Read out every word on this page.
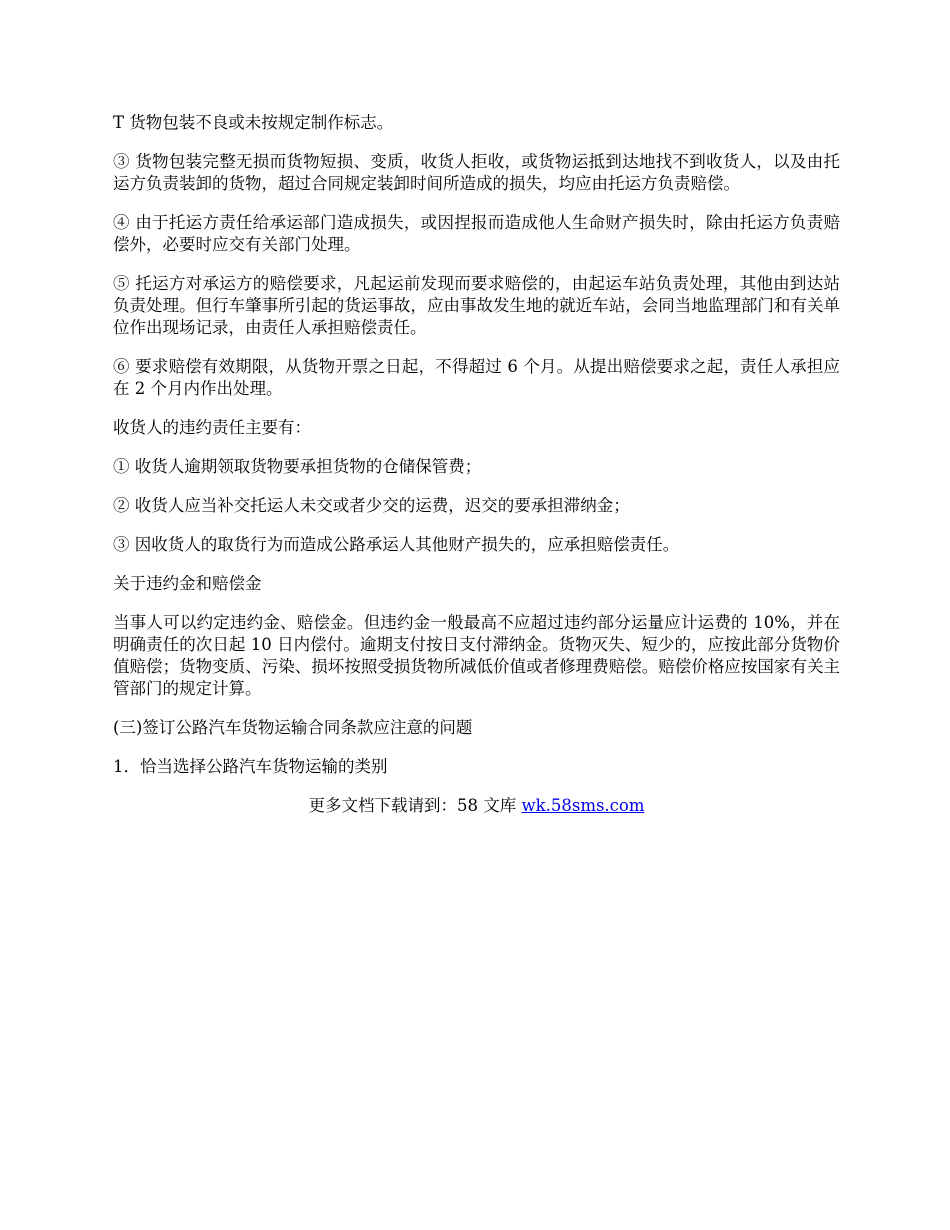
T 货物包装不良或未按规定制作标志。

③ 货物包装完整无损而货物短损、变质，收货人拒收，或货物运抵到达地找不到收货人，以及由托运方负责装卸的货物，超过合同规定装卸时间所造成的损失，均应由托运方负责赔偿。

④ 由于托运方责任给承运部门造成损失，或因捏报而造成他人生命财产损失时，除由托运方负责赔偿外，必要时应交有关部门处理。

⑤ 托运方对承运方的赔偿要求，凡起运前发现而要求赔偿的，由起运车站负责处理，其他由到达站负责处理。但行车肇事所引起的货运事故，应由事故发生地的就近车站，会同当地监理部门和有关单位作出现场记录，由责任人承担赔偿责任。

⑥ 要求赔偿有效期限，从货物开票之日起，不得超过 6 个月。从提出赔偿要求之起，责任人承担应在 2 个月内作出处理。

收货人的违约责任主要有：

① 收货人逾期领取货物要承担货物的仓储保管费；

② 收货人应当补交托运人未交或者少交的运费，迟交的要承担滞纳金；

③ 因收货人的取货行为而造成公路承运人其他财产损失的，应承担赔偿责任。

关于违约金和赔偿金

当事人可以约定违约金、赔偿金。但违约金一般最高不应超过违约部分运量应计运费的 10%，并在明确责任的次日起 10 日内偿付。逾期支付按日支付滞纳金。货物灭失、短少的，应按此部分货物价值赔偿；货物变质、污染、损坏按照受损货物所减低价值或者修理费赔偿。赔偿价格应按国家有关主管部门的规定计算。

(三)签订公路汽车货物运输合同条款应注意的问题

1．恰当选择公路汽车货物运输的类别

更多文档下载请到：58 文库 wk.58sms.com
